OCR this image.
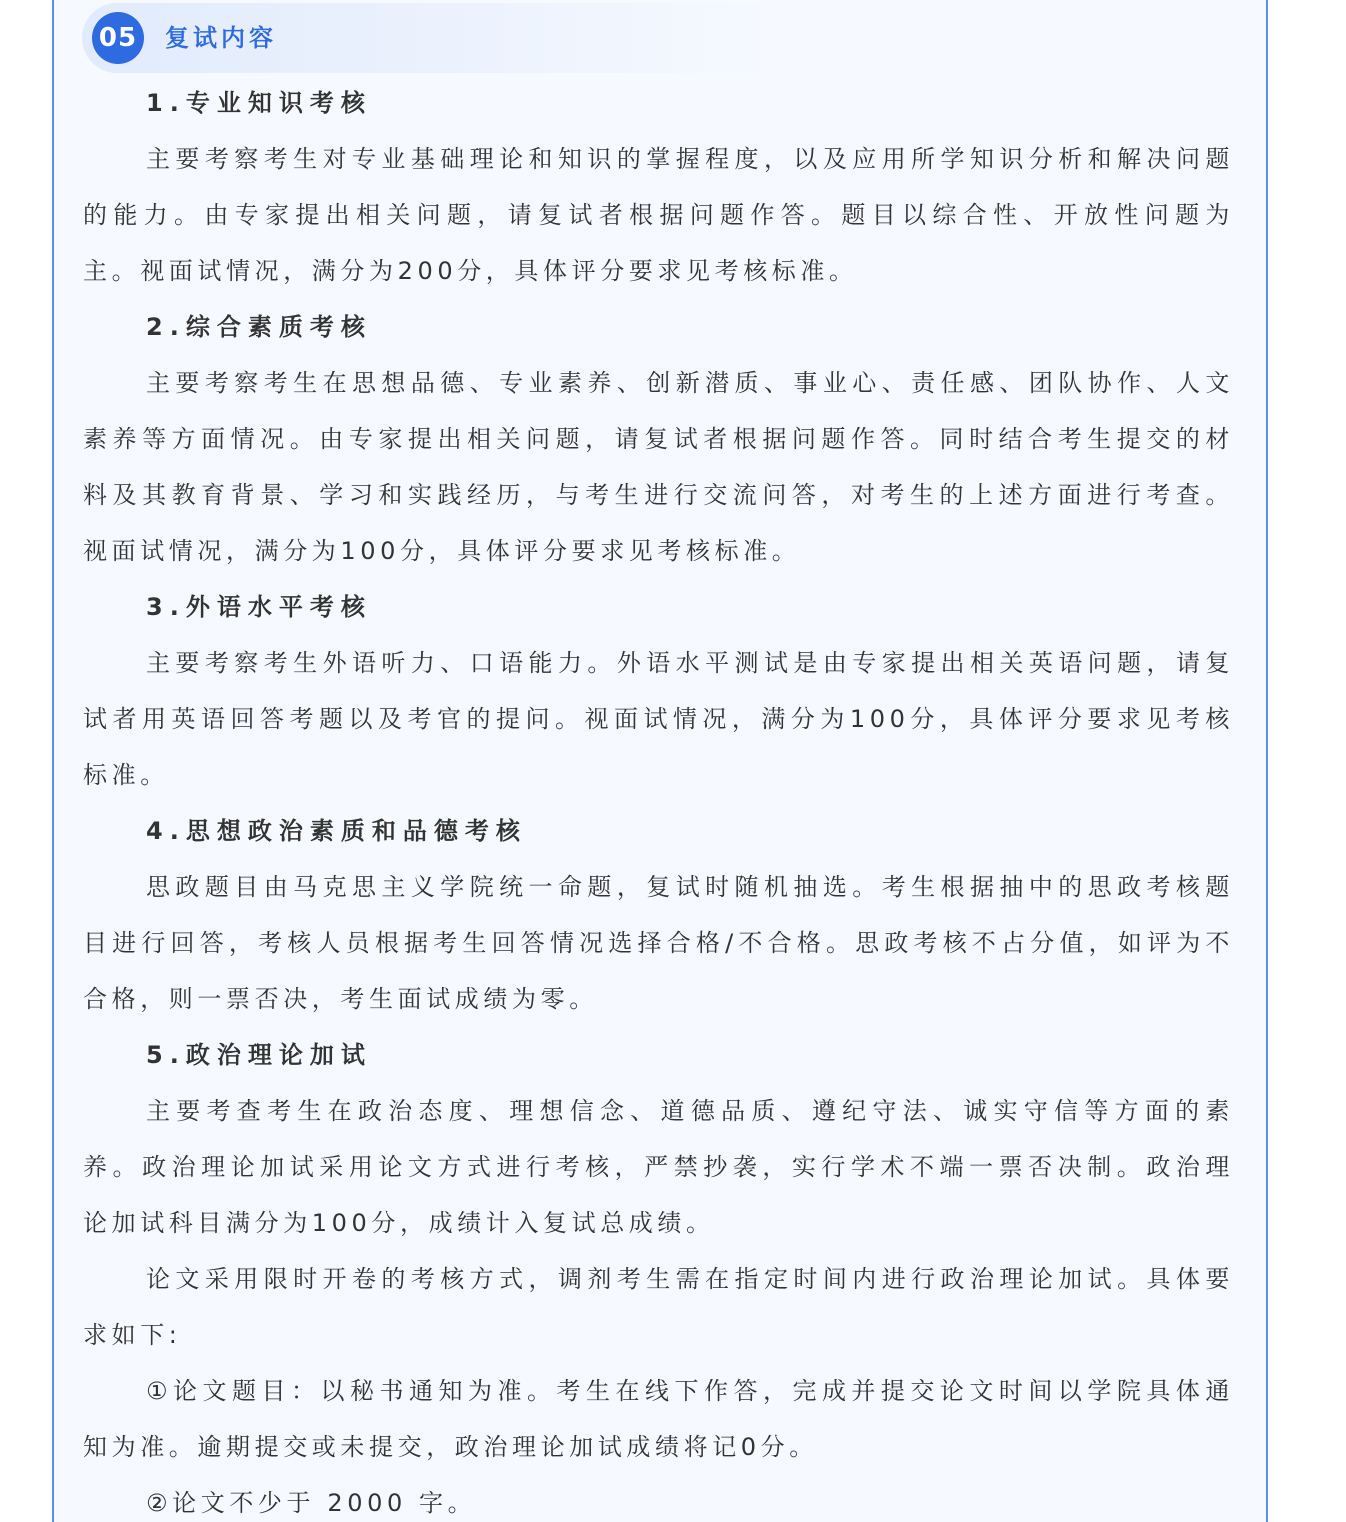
05 复试内容
1.专业知识考核
主要考察考生对专业基础理论和知识的掌握程度，以及应用所学知识分析和解决问题
的能力。由专家提出相关问题，请复试者根据问题作答。题目以综合性、开放性问题为
主。视面试情况，满分为200分，具体评分要求见考核标准。
2.综合素质考核
主要考察考生在思想品德、专业素养、创新潜质、事业心、责任感、团队协作、人文
素养等方面情况。由专家提出相关问题，请复试者根据问题作答。同时结合考生提交的材
料及其教育背景、学习和实践经历，与考生进行交流问答，对考生的上述方面进行考查。
视面试情况，满分为100分，具体评分要求见考核标准。
3.外语水平考核
主要考察考生外语听力、口语能力。外语水平测试是由专家提出相关英语问题，请复
试者用英语回答考题以及考官的提问。视面试情况，满分为100分，具体评分要求见考核
标准。
4.思想政治素质和品德考核
思政题目由马克思主义学院统一命题，复试时随机抽选。考生根据抽中的思政考核题
目进行回答，考核人员根据考生回答情况选择合格/不合格。思政考核不占分值，如评为不
合格，则一票否决，考生面试成绩为零。
5.政治理论加试
主要考查考生在政治态度、理想信念、道德品质、遵纪守法、诚实守信等方面的素
养。政治理论加试采用论文方式进行考核，严禁抄袭，实行学术不端一票否决制。政治理
论加试科目满分为100分，成绩计入复试总成绩。
论文采用限时开卷的考核方式，调剂考生需在指定时间内进行政治理论加试。具体要
求如下:
①论文题目：以秘书通知为准。考生在线下作答，完成并提交论文时间以学院具体通
知为准。逾期提交或未提交，政治理论加试成绩将记0分。
②论文不少于 2000 字。
